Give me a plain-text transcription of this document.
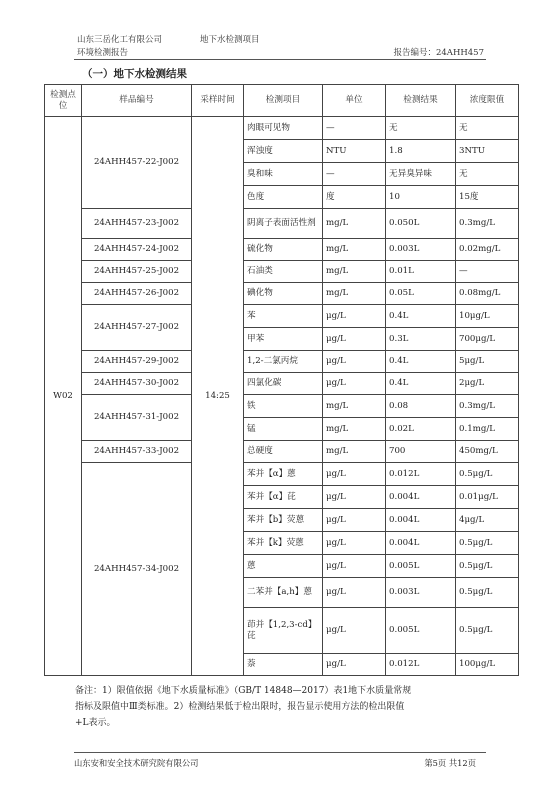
山东三岳化工有限公司	地下水检测项目
环境检测报告	报告编号：24AHH457
（一）地下水检测结果
检测点位	样品编号	采样时间	检测项目	单位	检测结果	浓度限值
W02	24AHH457-22-J002	14:25	肉眼可见物	—	无	无
			浑浊度	NTU	1.8	3NTU
			臭和味	—	无异臭异味	无
			色度	度	10	15度
	24AHH457-23-J002		阴离子表面活性剂	mg/L	0.050L	0.3mg/L
	24AHH457-24-J002		硫化物	mg/L	0.003L	0.02mg/L
	24AHH457-25-J002		石油类	mg/L	0.01L	—
	24AHH457-26-J002		碘化物	mg/L	0.05L	0.08mg/L
	24AHH457-27-J002		苯	μg/L	0.4L	10μg/L
			甲苯	μg/L	0.3L	700μg/L
	24AHH457-29-J002		1,2-二氯丙烷	μg/L	0.4L	5μg/L
	24AHH457-30-J002		四氯化碳	μg/L	0.4L	2μg/L
	24AHH457-31-J002		铁	mg/L	0.08	0.3mg/L
			锰	mg/L	0.02L	0.1mg/L
	24AHH457-33-J002		总硬度	mg/L	700	450mg/L
	24AHH457-34-J002		苯并【α】蒽	μg/L	0.012L	0.5μg/L
			苯并【α】芘	μg/L	0.004L	0.01μg/L
			苯并【b】荧蒽	μg/L	0.004L	4μg/L
			苯并【k】荧蒽	μg/L	0.004L	0.5μg/L
			蒽	μg/L	0.005L	0.5μg/L
			二苯并【a,h】蒽	μg/L	0.003L	0.5μg/L
			茚并【1,2,3-cd】芘	μg/L	0.005L	0.5μg/L
			萘	μg/L	0.012L	100μg/L

备注：1）限值依据《地下水质量标准》（GB/T 14848—2017）表1地下水质量常规

指标及限值中Ⅲ类标准。2）检测结果低于检出限时，报告显示使用方法的检出限值

+L表示。

山东安和安全技术研究院有限公司	第5页 共12页
